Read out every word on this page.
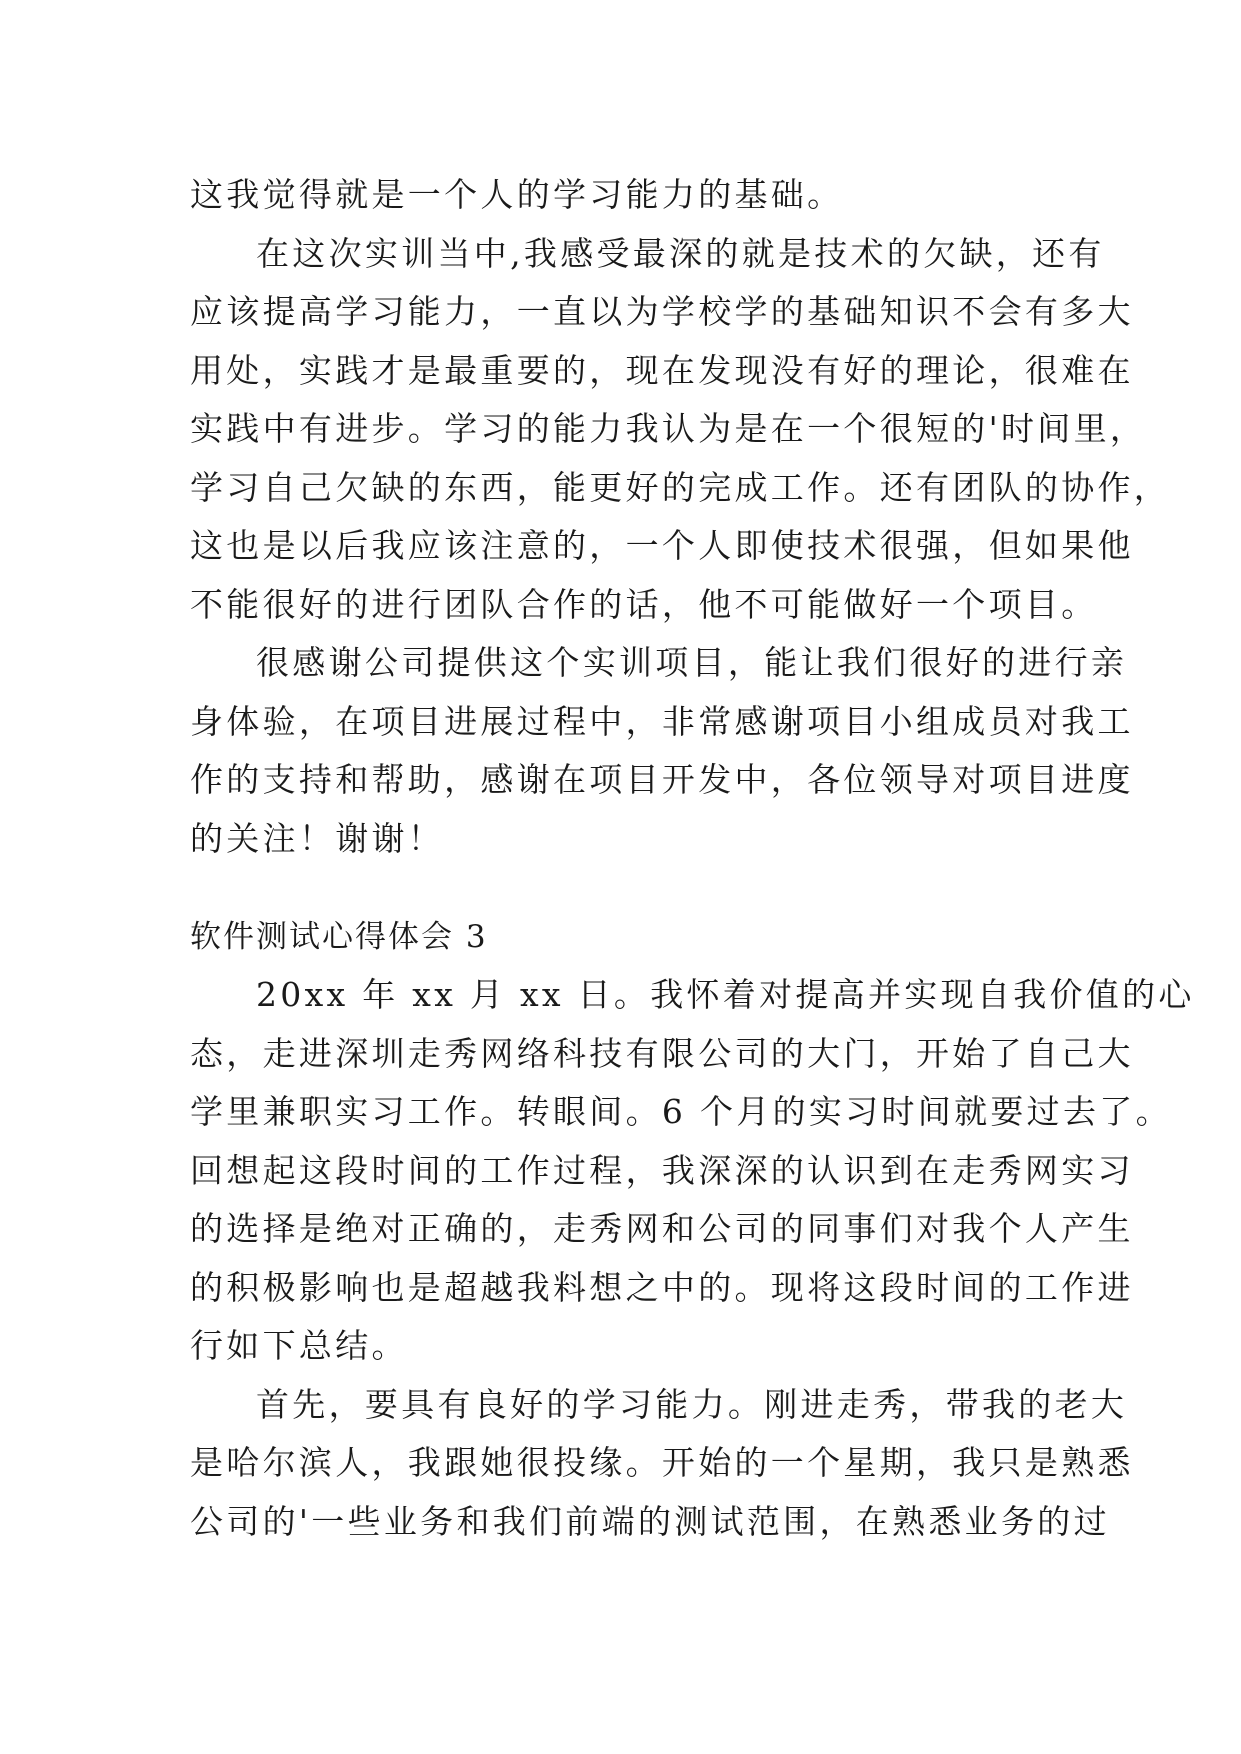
这我觉得就是一个人的学习能力的基础。
在这次实训当中,我感受最深的就是技术的欠缺，还有
应该提高学习能力，一直以为学校学的基础知识不会有多大
用处，实践才是最重要的，现在发现没有好的理论，很难在
实践中有进步。学习的能力我认为是在一个很短的'时间里，
学习自己欠缺的东西，能更好的完成工作。还有团队的协作，
这也是以后我应该注意的，一个人即使技术很强，但如果他
不能很好的进行团队合作的话，他不可能做好一个项目。
很感谢公司提供这个实训项目，能让我们很好的进行亲
身体验，在项目进展过程中，非常感谢项目小组成员对我工
作的支持和帮助，感谢在项目开发中，各位领导对项目进度
的关注！谢谢！
软件测试心得体会 3
20xx 年 xx 月 xx 日。我怀着对提高并实现自我价值的心
态，走进深圳走秀网络科技有限公司的大门，开始了自己大
学里兼职实习工作。转眼间。6 个月的实习时间就要过去了。
回想起这段时间的工作过程，我深深的认识到在走秀网实习
的选择是绝对正确的，走秀网和公司的同事们对我个人产生
的积极影响也是超越我料想之中的。现将这段时间的工作进
行如下总结。
首先，要具有良好的学习能力。刚进走秀，带我的老大
是哈尔滨人，我跟她很投缘。开始的一个星期，我只是熟悉
公司的'一些业务和我们前端的测试范围，在熟悉业务的过
